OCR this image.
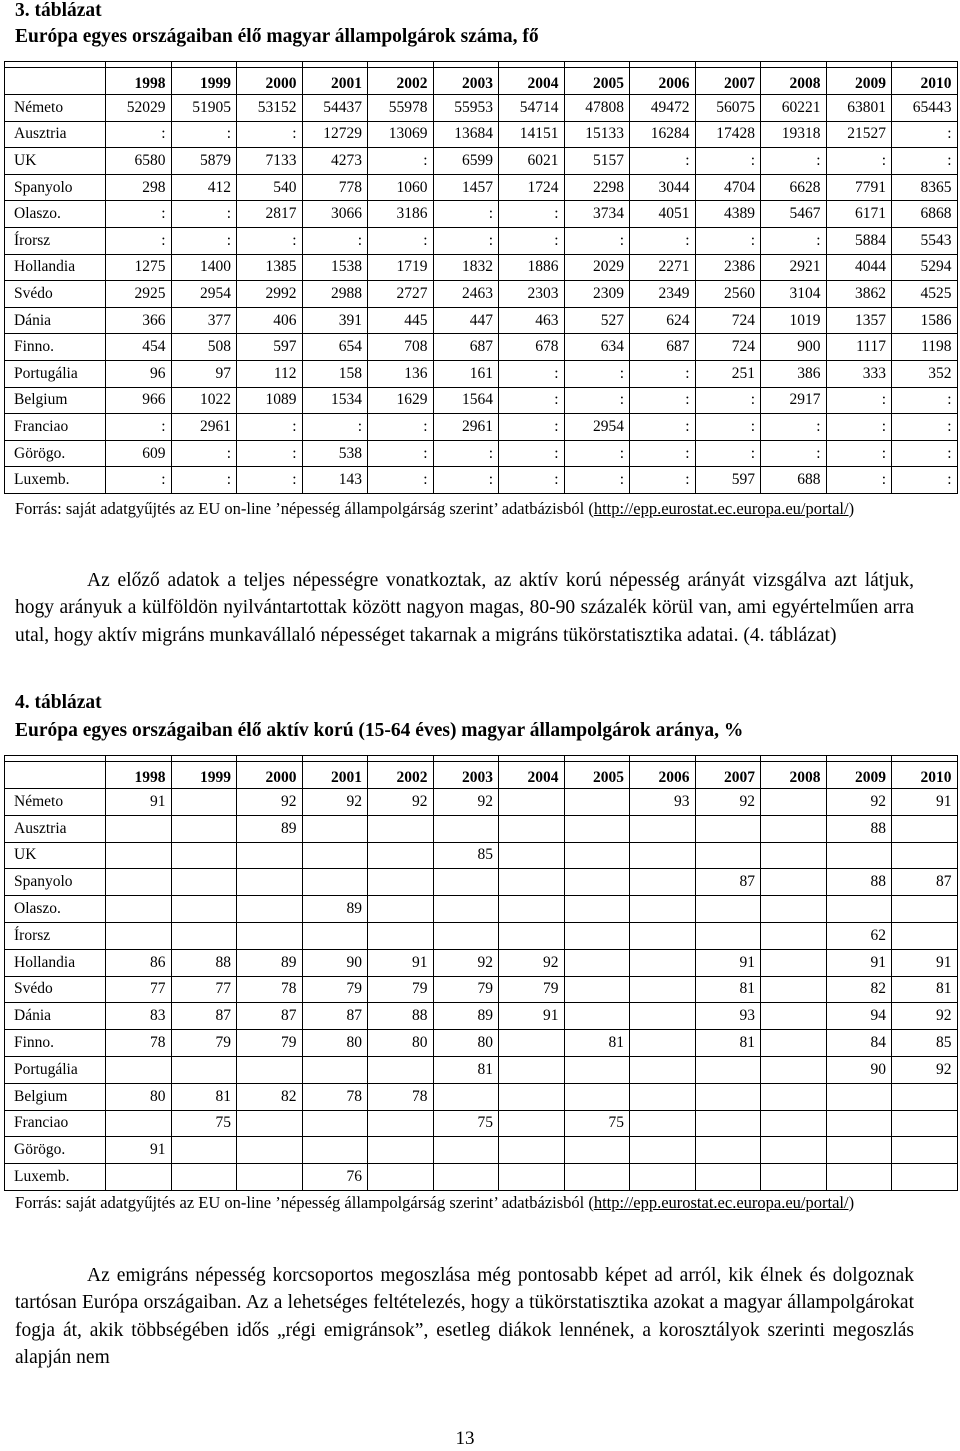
3. táblázat

Európa egyes országaiban élő magyar állampolgárok száma, fő

	1998	1999	2000	2001	2002	2003	2004	2005	2006	2007	2008	2009	2010
Németo	52029	51905	53152	54437	55978	55953	54714	47808	49472	56075	60221	63801	65443
Ausztria	:	:	:	12729	13069	13684	14151	15133	16284	17428	19318	21527	:
UK	6580	5879	7133	4273	:	6599	6021	5157	:	:	:	:	:
Spanyolo	298	412	540	778	1060	1457	1724	2298	3044	4704	6628	7791	8365
Olaszo.	:	:	2817	3066	3186	:	:	3734	4051	4389	5467	6171	6868
Írorsz	:	:	:	:	:	:	:	:	:	:	:	5884	5543
Hollandia	1275	1400	1385	1538	1719	1832	1886	2029	2271	2386	2921	4044	5294
Svédo	2925	2954	2992	2988	2727	2463	2303	2309	2349	2560	3104	3862	4525
Dánia	366	377	406	391	445	447	463	527	624	724	1019	1357	1586
Finno.	454	508	597	654	708	687	678	634	687	724	900	1117	1198
Portugália	96	97	112	158	136	161	:	:	:	251	386	333	352
Belgium	966	1022	1089	1534	1629	1564	:	:	:	:	2917	:	:
Franciao	:	2961	:	:	:	2961	:	2954	:	:	:	:	:
Görögo.	609	:	:	538	:	:	:	:	:	:	:	:	:
Luxemb.	:	:	:	143	:	:	:	:	:	597	688	:	:

Forrás: saját adatgyűjtés az EU on-line ’népesség állampolgárság szerint’ adatbázisból (http://epp.eurostat.ec.europa.eu/portal/)

Az előző adatok a teljes népességre vonatkoztak, az aktív korú népesség arányát vizsgálva azt látjuk, hogy arányuk a külföldön nyilvántartottak között nagyon magas, 80-90 százalék körül van, ami egyértelműen arra utal, hogy aktív migráns munkavállaló népességet takarnak a migráns tükörstatisztika adatai. (4. táblázat)

4. táblázat

Európa egyes országaiban élő aktív korú (15-64 éves) magyar állampolgárok aránya, %

	1998	1999	2000	2001	2002	2003	2004	2005	2006	2007	2008	2009	2010
Németo	91		92	92	92	92			93	92		92	91
Ausztria			89									88	
UK						85							
Spanyolo										87		88	87
Olaszo.				89									
Írorsz												62	
Hollandia	86	88	89	90	91	92	92			91		91	91
Svédo	77	77	78	79	79	79	79			81		82	81
Dánia	83	87	87	87	88	89	91			93		94	92
Finno.	78	79	79	80	80	80		81		81		84	85
Portugália						81						90	92
Belgium	80	81	82	78	78								
Franciao		75				75		75					
Görögo.	91												
Luxemb.				76									

Forrás: saját adatgyűjtés az EU on-line ’népesség állampolgárság szerint’ adatbázisból (http://epp.eurostat.ec.europa.eu/portal/)

Az emigráns népesség korcsoportos megoszlása még pontosabb képet ad arról, kik élnek és dolgoznak tartósan Európa országaiban. Az a lehetséges feltételezés, hogy a tükörstatisztika azokat a magyar állampolgárokat fogja át, akik többségében idős „régi emigránsok”, esetleg diákok lennének, a korosztályok szerinti megoszlás alapján nem

13
